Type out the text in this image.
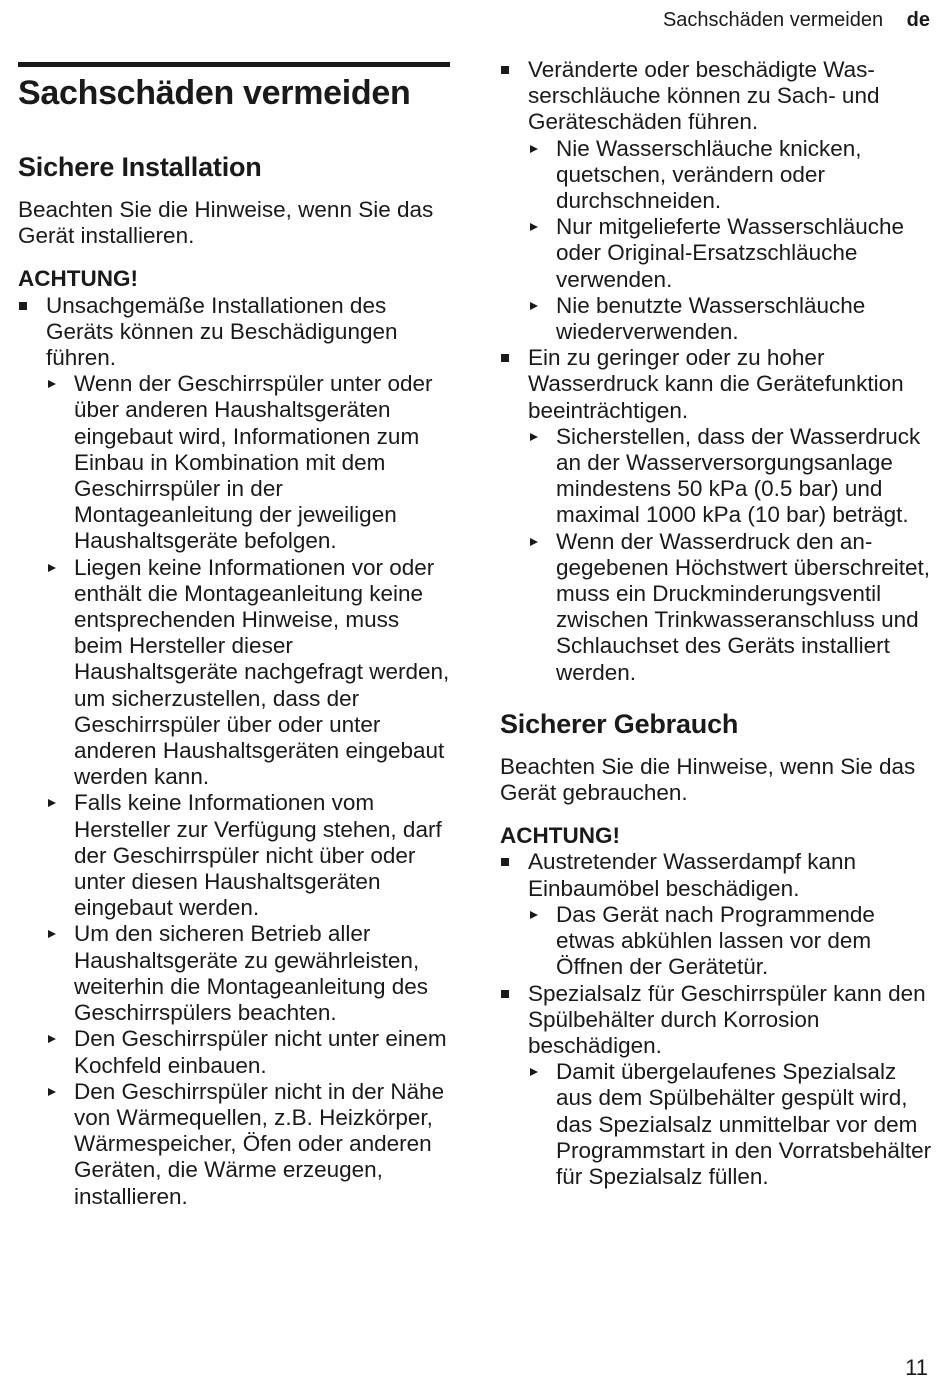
Sachschäden vermeiden de
Sachschäden vermeiden
Sichere Installation

Beachten Sie die Hinweise, wenn Sie das Gerät installieren.

ACHTUNG!

Unsachgemäße Installationen des Geräts können zu Beschädigungen führen.
Wenn der Geschirrspüler unter oder über anderen Haushaltsgeräten eingebaut wird, Informationen zum Einbau in Kombination mit dem Geschirrspüler in der Montageanleitung der jeweiligen Haushaltsgeräte befolgen.
Liegen keine Informationen vor oder enthält die Montageanleitung keine entsprechenden Hinweise, muss beim Hersteller dieser Haushaltsgeräte nachgefragt werden, um sicherzustellen, dass der Geschirrspüler über oder unter anderen Haushaltsgeräten eingebaut werden kann.
Falls keine Informationen vom Hersteller zur Verfügung stehen, darf der Geschirrspüler nicht über oder unter diesen Haushaltsgeräten eingebaut werden.
Um den sicheren Betrieb aller Haushaltsgeräte zu gewährleisten, weiterhin die Montageanleitung des Geschirrspülers beachten.
Den Geschirrspüler nicht unter einem Kochfeld einbauen.
Den Geschirrspüler nicht in der Nähe von Wärmequellen, z.B. Heizkörper, Wärmespeicher, Öfen oder anderen Geräten, die Wärme erzeugen, installieren.
Veränderte oder beschädigte Wasserschläuche können zu Sach- und Geräteschäden führen.
Nie Wasserschläuche knicken, quetschen, verändern oder durchschneiden.
Nur mitgelieferte Wasserschläuche oder Original-Ersatzschläuche verwenden.
Nie benutzte Wasserschläuche wiederverwenden.
Ein zu geringer oder zu hoher Wasserdruck kann die Gerätefunktion beeinträchtigen.
Sicherstellen, dass der Wasserdruck an der Wasserversorgungsanlage mindestens 50 kPa (0.5 bar) und maximal 1000 kPa (10 bar) beträgt.
Wenn der Wasserdruck den angegebenen Höchstwert überschreitet, muss ein Druckminderungsventil zwischen Trinkwasseranschluss und Schlauchset des Geräts installiert werden.
Sicherer Gebrauch

Beachten Sie die Hinweise, wenn Sie das Gerät gebrauchen.

ACHTUNG!

Austretender Wasserdampf kann Einbaumöbel beschädigen.
Das Gerät nach Programmende etwas abkühlen lassen vor dem Öffnen der Gerätetür.
Spezialsalz für Geschirrspüler kann den Spülbehälter durch Korrosion beschädigen.
Damit übergelaufenes Spezialsalz aus dem Spülbehälter gespült wird, das Spezialsalz unmittelbar vor dem Programmstart in den Vorratsbehälter für Spezialsalz füllen.
11
